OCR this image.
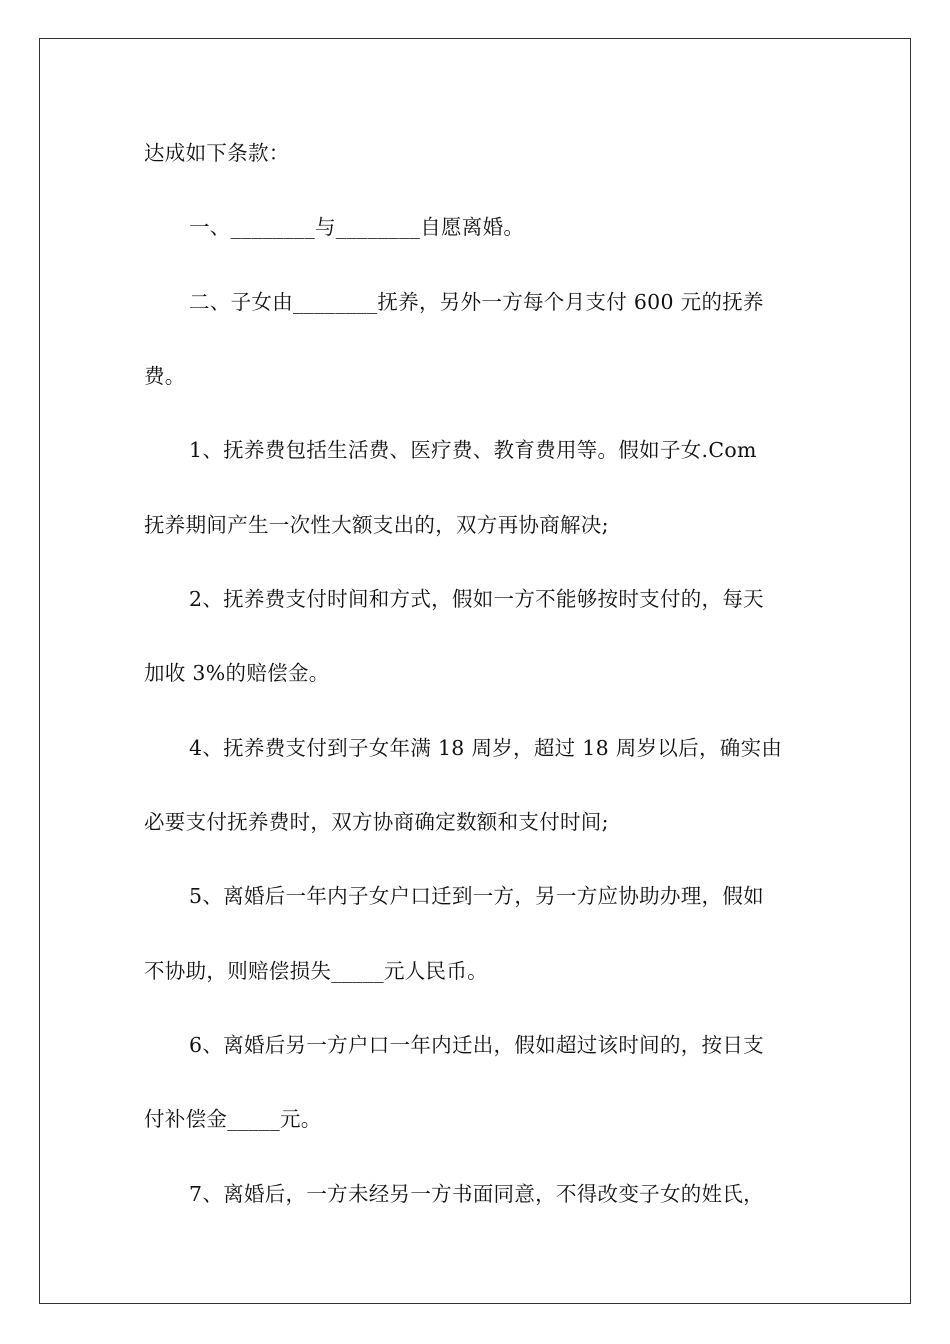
达成如下条款：
一、________与________自愿离婚。
二、子女由________抚养，另外一方每个月支付 600 元的抚养
费。
1、抚养费包括生活费、医疗费、教育费用等。假如子女.Com
抚养期间产生一次性大额支出的，双方再协商解决;
2、抚养费支付时间和方式，假如一方不能够按时支付的，每天
加收 3%的赔偿金。
4、抚养费支付到子女年满 18 周岁，超过 18 周岁以后，确实由
必要支付抚养费时，双方协商确定数额和支付时间;
5、离婚后一年内子女户口迁到一方，另一方应协助办理，假如
不协助，则赔偿损失_____元人民币。
6、离婚后另一方户口一年内迁出，假如超过该时间的，按日支
付补偿金_____元。
7、离婚后，一方未经另一方书面同意，不得改变子女的姓氏，
